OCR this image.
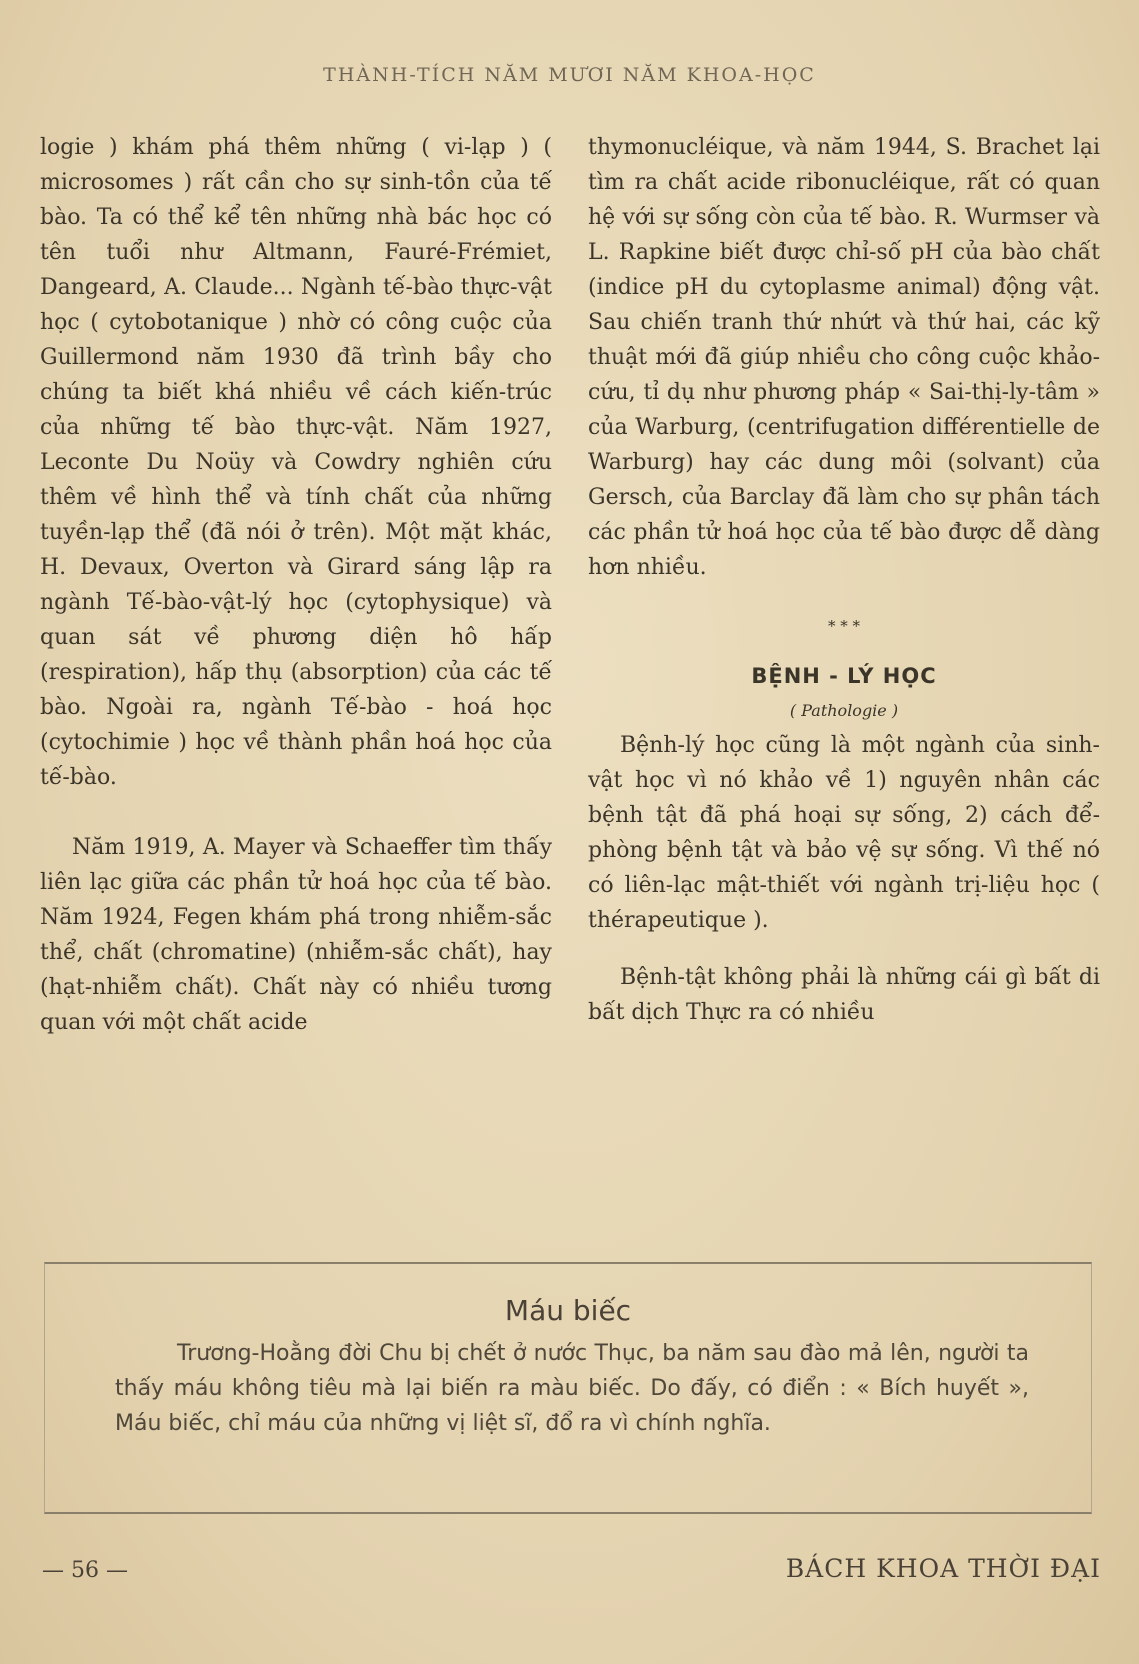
THÀNH-TÍCH NĂM MƯƠI NĂM KHOA-HỌC

logie ) khám phá thêm những ( vi-lạp ) ( microsomes ) rất cần cho sự sinh-tồn của tế bào. Ta có thể kể tên những nhà bác học có tên tuổi như Altmann, Fauré-Frémiet, Dangeard, A. Claude... Ngành tế-bào thực-vật học ( cytobotanique ) nhờ có công cuộc của Guillermond năm 1930 đã trình bầy cho chúng ta biết khá nhiều về cách kiến-trúc của những tế bào thực-vật. Năm 1927, Leconte Du Noüy và Cowdry nghiên cứu thêm về hình thể và tính chất của những tuyền-lạp thể (đã nói ở trên). Một mặt khác, H. Devaux, Overton và Girard sáng lập ra ngành Tế-bào-vật-lý học (cytophysique) và quan sát về phương diện hô hấp (respiration), hấp thụ (absorption) của các tế bào. Ngoài ra, ngành Tế-bào - hoá học (cytochimie ) học về thành phần hoá học của tế-bào.

Năm 1919, A. Mayer và Schaeffer tìm thấy liên lạc giữa các phần tử hoá học của tế bào. Năm 1924, Fegen khám phá trong nhiễm-sắc thể, chất (chromatine) (nhiễm-sắc chất), hay (hạt-nhiễm chất). Chất này có nhiều tương quan với một chất acide

thymonucléique, và năm 1944, S. Brachet lại tìm ra chất acide ribonucléique, rất có quan hệ với sự sống còn của tế bào. R. Wurmser và L. Rapkine biết được chỉ-số pH của bào chất (indice pH du cytoplasme animal) động vật. Sau chiến tranh thứ nhứt và thứ hai, các kỹ thuật mới đã giúp nhiều cho công cuộc khảo-cứu, tỉ dụ như phương pháp « Sai-thị-ly-tâm » của Warburg, (centrifugation différentielle de Warburg) hay các dung môi (solvant) của Gersch, của Barclay đã làm cho sự phân tách các phần tử hoá học của tế bào được dễ dàng hơn nhiều.

* * *
BỆNH - LÝ HỌC
( Pathologie )

Bệnh-lý học cũng là một ngành của sinh-vật học vì nó khảo về 1) nguyên nhân các bệnh tật đã phá hoại sự sống, 2) cách để-phòng bệnh tật và bảo vệ sự sống. Vì thế nó có liên-lạc mật-thiết với ngành trị-liệu học ( thérapeutique ).

Bệnh-tật không phải là những cái gì bất di bất dịch Thực ra có nhiều

Máu biếc

Trương-Hoằng đời Chu bị chết ở nước Thục, ba năm sau đào mả lên, người ta thấy máu không tiêu mà lại biến ra màu biếc. Do đấy, có điển : « Bích huyết », Máu biếc, chỉ máu của những vị liệt sĩ, đổ ra vì chính nghĩa.

— 56 —	BÁCH KHOA THỜI ĐẠI
